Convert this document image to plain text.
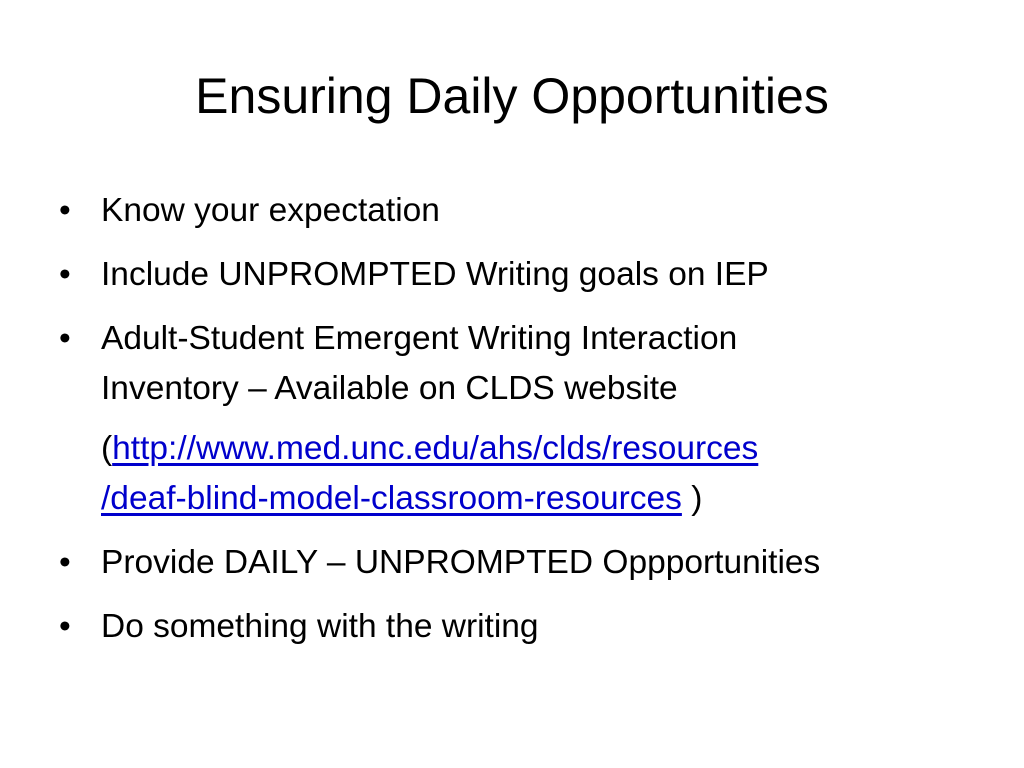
Ensuring Daily Opportunities
• Know your expectation
• Include UNPROMPTED Writing goals on IEP
• Adult-Student Emergent Writing Interaction
Inventory – Available on CLDS website
(http://www.med.unc.edu/ahs/clds/resources
/deaf-blind-model-classroom-resources )
• Provide DAILY – UNPROMPTED Oppportunities
• Do something with the writing
